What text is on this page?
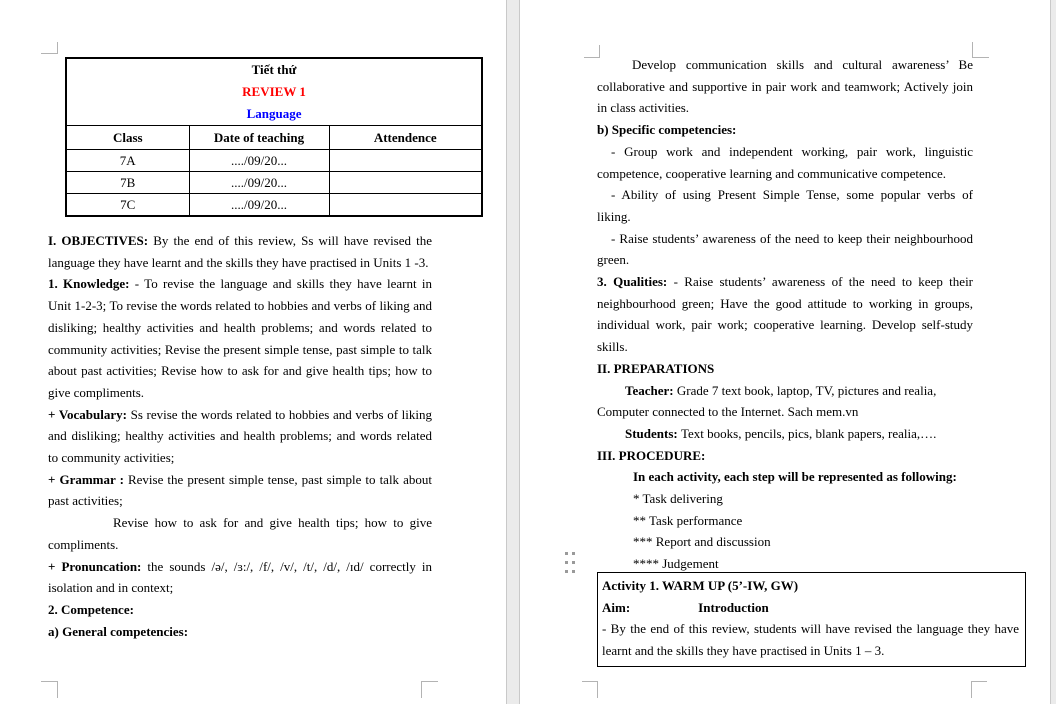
Tiết thứ
REVIEW 1
Language		

Class	Date of teaching	Attendence
7A	..../09/20...	
7B	..../09/20...	
7C	..../09/20...	

I. OBJECTIVES: By the end of this review, Ss will have revised the language they have learnt and the skills they have practised in Units 1 -3.

1. Knowledge: - To revise the language and skills they have learnt in Unit 1-2-3; To revise the words related to hobbies and verbs of liking and disliking; healthy activities and health problems; and words related to community activities; Revise the present simple tense, past simple to talk about past activities; Revise how to ask for and give health tips; how to give compliments.

+ Vocabulary: Ss revise the words related to hobbies and verbs of liking and disliking; healthy activities and health problems; and words related to community activities;

+ Grammar : Revise the present simple tense, past simple to talk about past activities;

Revise how to ask for and give health tips; how to give compliments.

+ Pronuncation: the sounds /ə/, /ɜ:/, /f/, /v/, /t/, /d/, /ɪd/ correctly in isolation and in context;

2. Competence:

a) General competencies:

Develop communication skills and cultural awareness’ Be collaborative and supportive in pair work and teamwork; Actively join in class activities.

b) Specific competencies:

- Group work and independent working, pair work, linguistic competence, cooperative learning and communicative competence.

- Ability of using Present Simple Tense, some popular verbs of liking.

- Raise students’ awareness of the need to keep their neighbourhood green.

3. Qualities: - Raise students’ awareness of the need to keep their neighbourhood green; Have the good attitude to working in groups, individual work, pair work; cooperative learning. Develop self-study skills.

II. PREPARATIONS

Teacher: Grade 7 text book, laptop, TV, pictures and realia,

Computer connected to the Internet. Sach mem.vn

Students: Text books, pencils, pics, blank papers, realia,….

III. PROCEDURE:

In each activity, each step will be represented as following:

* Task delivering

** Task performance

*** Report and discussion

**** Judgement

Activity 1. WARM UP (5’-IW, GW)

Aim:	Introduction

- By the end of this review, students will have revised the language they have learnt and the skills they have practised in Units 1 – 3.
